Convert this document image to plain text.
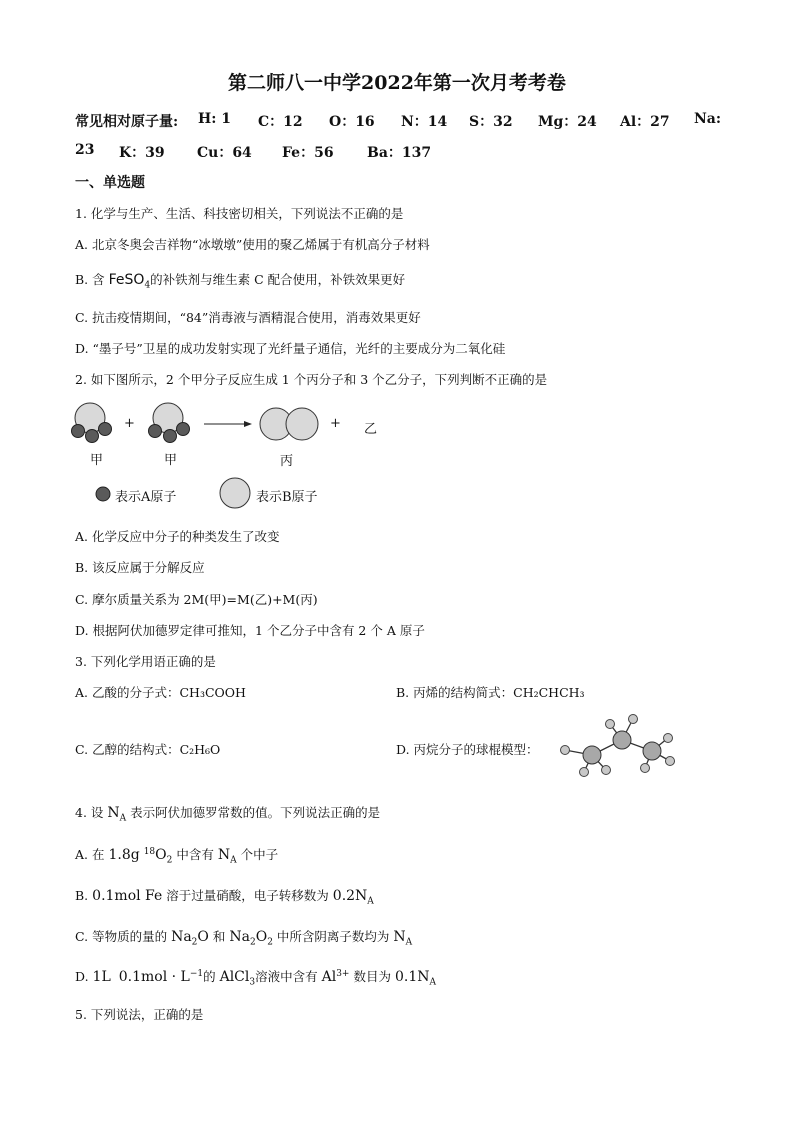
第二师八一中学2022年第一次月考考卷
常见相对原子量: H: 1 C：12 O：16 N：14 S：32 Mg：24 Al：27 Na:
23 K：39 Cu：64 Fe：56 Ba：137
一、单选题
1. 化学与生产、生活、科技密切相关，下列说法不正确的是
A. 北京冬奥会吉祥物“冰墩墩”使用的聚乙烯属于有机高分子材料
B. 含 FeSO$_4$的补铁剂与维生素 C 配合使用，补铁效果更好
C. 抗击疫情期间，“84”消毒液与酒精混合使用，消毒效果更好
D. “墨子号”卫星的成功发射实现了光纤量子通信，光纤的主要成分为二氧化硅
2. 如下图所示，2 个甲分子反应生成 1 个丙分子和 3 个乙分子，下列判断不正确的是
+	+ 乙
甲	甲	丙
表示A原子	表示B原子
A. 化学反应中分子的种类发生了改变
B. 该反应属于分解反应
C. 摩尔质量关系为 2M(甲)=M(乙)+M(丙)
D. 根据阿伏加德罗定律可推知，1 个乙分子中含有 2 个 A 原子
3. 下列化学用语正确的是
A. 乙酸的分子式：CH₃COOH	B. 丙烯的结构简式：CH₂CHCH₃
C. 乙醇的结构式：C₂H₆O	D. 丙烷分子的球棍模型：
4. 设 $N_A$ 表示阿伏加德罗常数的值。下列说法正确的是
A. 在 1.8g $^{18}O_2$ 中含有 $N_A$ 个中子
B. 0.1mol Fe 溶于过量硝酸，电子转移数为 $0.2N_A$
C. 等物质的量的 $Na_2O$ 和 $Na_2O_2$ 中所含阴离子数均为 $N_A$
D. 1L $0.1mol \cdot L^{-1}$的 AlCl$_3$溶液中含有 $Al^{3+}$ 数目为 $0.1N_A$
5. 下列说法，正确的是
